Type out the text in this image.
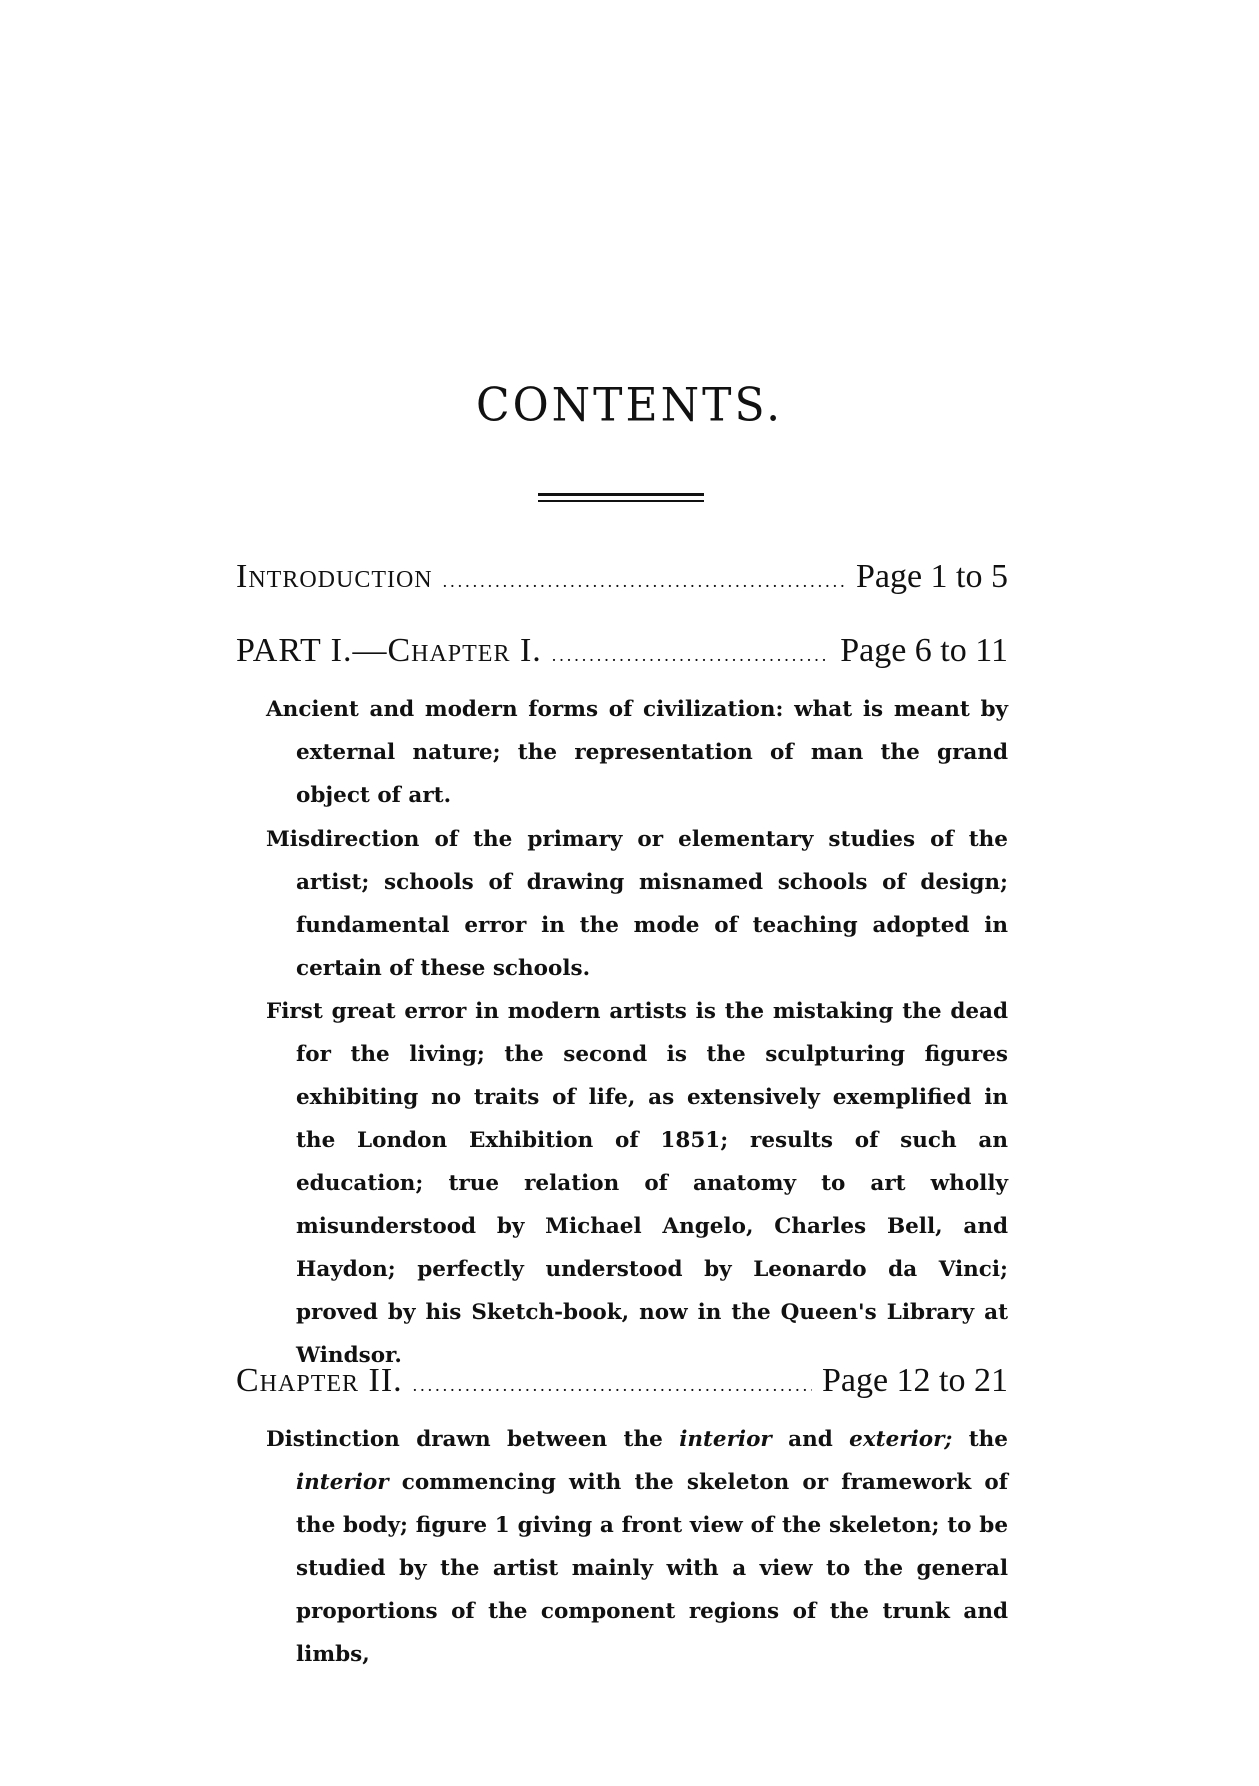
CONTENTS.
Introduction .....	Page 1 to 5
PART I.—Chapter I. .....	Page 6 to 11
Ancient and modern forms of civilization: what is meant by external nature; the representation of man the grand object of art.
Misdirection of the primary or elementary studies of the artist; schools of drawing misnamed schools of design; fundamental error in the mode of teaching adopted in certain of these schools.
First great error in modern artists is the mistaking the dead for the living; the second is the sculpturing figures exhibiting no traits of life, as extensively exemplified in the London Exhibition of 1851; results of such an education; true relation of anatomy to art wholly misunderstood by Michael Angelo, Charles Bell, and Haydon; perfectly understood by Leonardo da Vinci; proved by his Sketch-book, now in the Queen's Library at Windsor.
Chapter II. .....	Page 12 to 21
Distinction drawn between the interior and exterior; the interior commencing with the skeleton or framework of the body; figure 1 giving a front view of the skeleton; to be studied by the artist mainly with a view to the general proportions of the component regions of the trunk and limbs,
